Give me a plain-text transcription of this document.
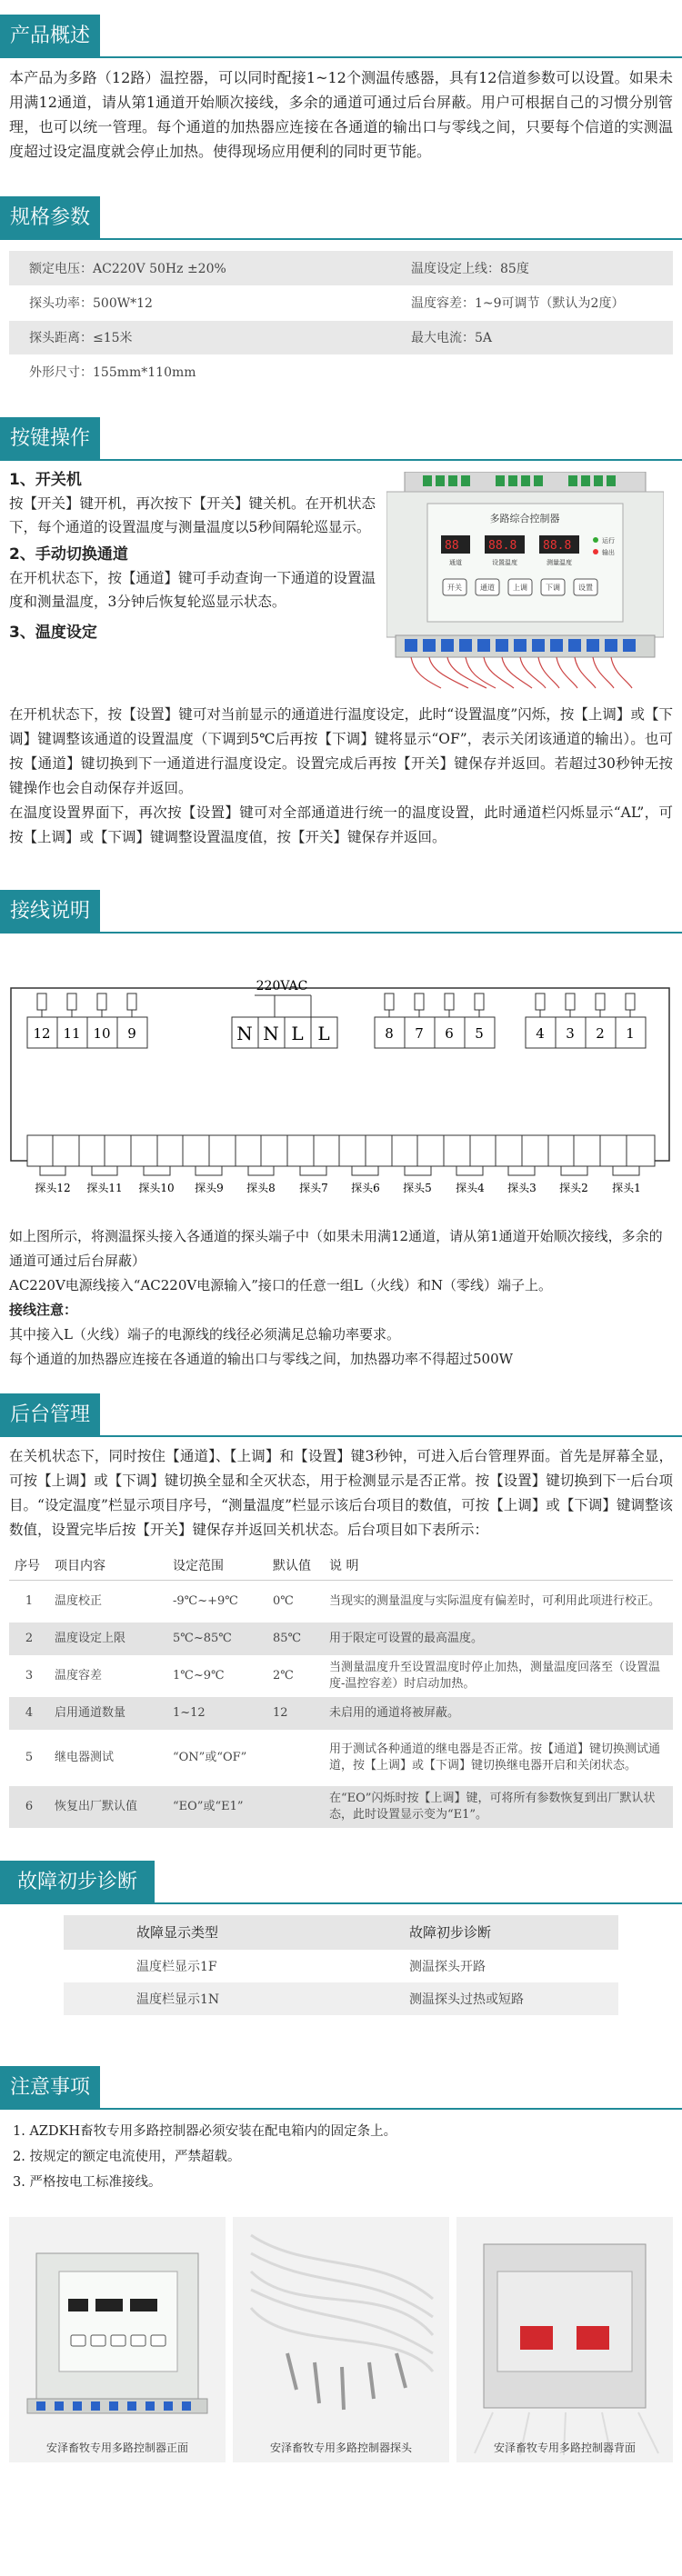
产品概述
本产品为多路（12路）温控器，可以同时配接1~12个测温传感器，具有12信道参数可以设置。如果未用满12通道，请从第1通道开始顺次接线，多余的通道可通过后台屏蔽。用户可根据自己的习惯分别管理，也可以统一管理。每个通道的加热器应连接在各通道的输出口与零线之间，只要每个信道的实测温度超过设定温度就会停止加热。使得现场应用便利的同时更节能。
规格参数
额定电压：AC220V 50Hz ±20%	温度设定上线：85度
探头功率：500W*12	温度容差：1~9可调节（默认为2度）
探头距离：≤15米	最大电流：5A
外形尺寸：155mm*110mm	
按键操作
1、开关机

按【开关】键开机，再次按下【开关】键关机。在开机状态下，每个通道的设置温度与测量温度以5秒间隔轮巡显示。

2、手动切换通道

在开机状态下，按【通道】键可手动查询一下通道的设置温度和测量温度，3分钟后恢复轮巡显示状态。

3、温度设定
多路综合控制器
88 88.8 88.8
通道	设置温度	测量温度
运行
输出
开关	通道	上调	下调	设置

在开机状态下，按【设置】键可对当前显示的通道进行温度设定，此时“设置温度”闪烁，按【上调】或【下调】键调整该通道的设置温度（下调到5℃后再按【下调】键将显示“OF”，表示关闭该通道的输出）。也可按【通道】键切换到下一通道进行温度设定。设置完成后再按【开关】键保存并返回。若超过30秒钟无按键操作也会自动保存并返回。

在温度设置界面下，再次按【设置】键可对全部通道进行统一的温度设置，此时通道栏闪烁显示“AL”，可按【上调】或【下调】键调整设置温度值，按【开关】键保存并返回。

接线说明
12 11 10 9
220VAC
N N L L	8 7 6 5	4 3 2 1
探头12 探头11 探头10 探头9 探头8 探头7 探头6 探头5 探头4 探头3 探头2 探头1
如上图所示，将测温探头接入各通道的探头端子中（如果未用满12通道，请从第1通道开始顺次接线，多余的通道可通过后台屏蔽）
AC220V电源线接入“AC220V电源输入”接口的任意一组L（火线）和N（零线）端子上。
接线注意：
其中接入L（火线）端子的电源线的线径必须满足总输功率要求。
每个通道的加热器应连接在各通道的输出口与零线之间，加热器功率不得超过500W
后台管理
在关机状态下，同时按住【通道】、【上调】和【设置】键3秒钟，可进入后台管理界面。首先是屏幕全显，可按【上调】或【下调】键切换全显和全灭状态，用于检测显示是否正常。按【设置】键切换到下一后台项目。“设定温度”栏显示项目序号，“测量温度”栏显示该后台项目的数值，可按【上调】或【下调】键调整该数值，设置完毕后按【开关】键保存并返回关机状态。后台项目如下表所示：
序号	项目内容	设定范围	默认值	说 明
1	温度校正	-9℃~+9℃	0℃	当现实的测量温度与实际温度有偏差时，可利用此项进行校正。
2	温度设定上限	5℃~85℃	85℃	用于限定可设置的最高温度。
3	温度容差	1℃~9℃	2℃	当测量温度升至设置温度时停止加热，测量温度回落至（设置温度-温控容差）时启动加热。
4	启用通道数量	1~12	12	未启用的通道将被屏蔽。
5	继电器测试	“ON”或“OF”		用于测试各种通道的继电器是否正常。按【通道】键切换测试通道，按【上调】或【下调】键切换继电器开启和关闭状态。
6	恢复出厂默认值	“EO”或“E1”		在“EO”闪烁时按【上调】键，可将所有参数恢复到出厂默认状态，此时设置显示变为“E1”。
故障初步诊断
故障显示类型	故障初步诊断
温度栏显示1F	测温探头开路
温度栏显示1N	测温探头过热或短路
注意事项
1. AZDKH畜牧专用多路控制器必须安装在配电箱内的固定条上。
2. 按规定的额定电流使用，严禁超载。
3. 严格按电工标准接线。
安泽畜牧专用多路控制器正面	安泽畜牧专用多路控制器探头	安泽畜牧专用多路控制器背面
